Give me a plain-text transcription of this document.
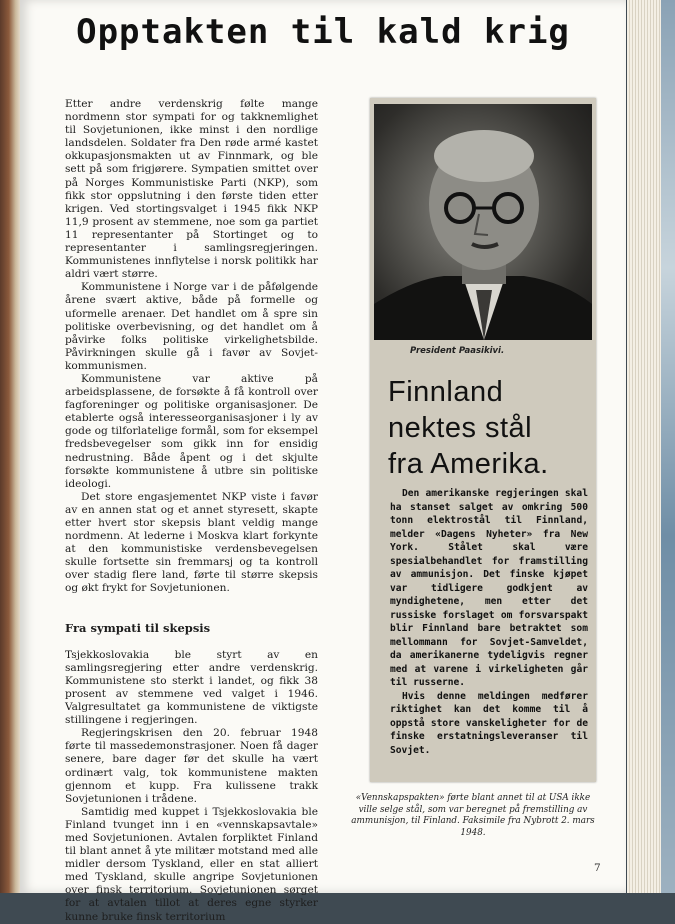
Opptakten til kald krig

Etter andre verdenskrig følte mange nordmenn stor sympati for og takknemlighet til Sovjetunionen, ikke minst i den nordlige landsdelen. Soldater fra Den røde armé kastet okkupasjonsmakten ut av Finnmark, og ble sett på som frigjørere. Sympatien smittet over på Norges Kommunistiske Parti (NKP), som fikk stor oppslutning i den første tiden etter krigen. Ved stortingsvalget i 1945 fikk NKP 11,9 prosent av stemmene, noe som ga partiet 11 representanter på Stortinget og to representanter i samlingsregjeringen. Kommunistenes innflytelse i norsk politikk har aldri vært større.

Kommunistene i Norge var i de påfølgende årene svært aktive, både på formelle og uformelle arenaer. Det handlet om å spre sin politiske overbevisning, og det handlet om å påvirke folks politiske virkelighetsbilde. Påvirkningen skulle gå i favør av Sovjet-kommunismen.

Kommunistene var aktive på arbeidsplassene, de forsøkte å få kontroll over fagforeninger og politiske organisasjoner. De etablerte også interesseorganisasjoner i ly av gode og tilforlatelige formål, som for eksempel fredsbevegelser som gikk inn for ensidig nedrustning. Både åpent og i det skjulte forsøkte kommunistene å utbre sin politiske ideologi.

Det store engasjementet NKP viste i favør av en annen stat og et annet styresett, skapte etter hvert stor skepsis blant veldig mange nordmenn. At lederne i Moskva klart forkynte at den kommunistiske verdensbevegelsen skulle fortsette sin fremmarsj og ta kontroll over stadig flere land, førte til større skepsis og økt frykt for Sovjetunionen.

Fra sympati til skepsis

Tsjekkoslovakia ble styrt av en samlingsregjering etter andre verdenskrig. Kommunistene sto sterkt i landet, og fikk 38 prosent av stemmene ved valget i 1946. Valgresultatet ga kommunistene de viktigste stillingene i regjeringen.

Regjeringskrisen den 20. februar 1948 førte til massedemonstrasjoner. Noen få dager senere, bare dager før det skulle ha vært ordinært valg, tok kommunistene makten gjennom et kupp. Fra kulissene trakk Sovjetunionen i trådene.

Samtidig med kuppet i Tsjekkoslovakia ble Finland tvunget inn i en «vennskapsavtale» med Sovjetunionen. Avtalen forpliktet Finland til blant annet å yte militær motstand med alle midler dersom Tyskland, eller en stat alliert med Tyskland, skulle angripe Sovjetunionen over finsk territorium. Sovjetunionen sørget for at avtalen tillot at deres egne styrker kunne bruke finsk territorium

President Paasikivi.
Finnland
nektes stål
fra Amerika.

Den amerikanske regjeringen skal ha stanset salget av omkring 500 tonn elektrostål til Finnland, melder «Dagens Nyheter» fra New York. Stålet skal være spesialbehandlet for framstilling av ammunisjon. Det finske kjøpet var tidligere godkjent av myndighetene, men etter det russiske forslaget om forsvarspakt blir Finnland bare betraktet som mellommann for Sovjet-Samveldet, da amerikanerne tydeligvis regner med at varene i virkeligheten går til russerne.

Hvis denne meldingen medfører riktighet kan det komme til å oppstå store vanskeligheter for de finske erstatningsleveranser til Sovjet.

«Vennskapspakten» førte blant annet til at USA ikke ville selge stål, som var beregnet på fremstilling av ammunisjon, til Finland. Faksimile fra Nybrott 2. mars 1948.
7
